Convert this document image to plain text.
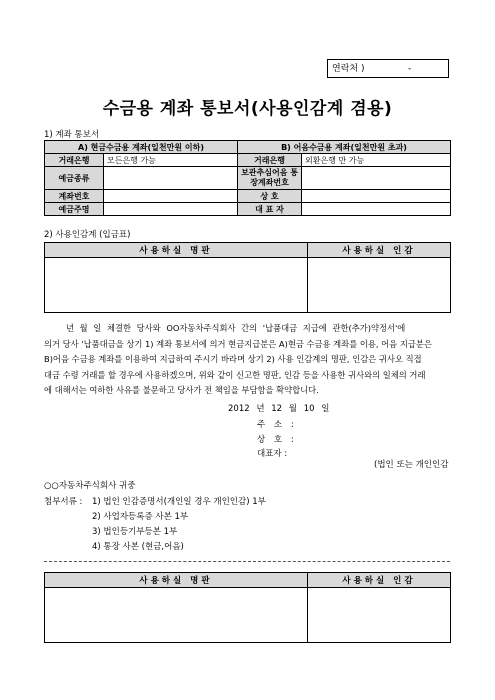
연락처 )	-
수금용 계좌 통보서(사용인감계 겸용)
1) 계좌 통보서
A) 현금수금용 계좌(일천만원 이하)		B) 어음수금용 계좌(일천만원 초과)	
거래은행	모든은행 가능	거래은행	외환은행 만 가능
예금종류		보관추심어음 통장계좌번호	
계좌번호		상 호	
예금주명		대 표 자	
2) 사용인감계 (입금표)
사용하실 명판	사용하실 인감

년 월 일 체결한 당사와 OO자동차주식회사 간의 '납품대금 지급에 관한(추가)약정서'에

의거 당사 '납품대금을 상기 1) 계좌 통보서에 의거 현금지급분은 A)현금 수금용 계좌를 이용, 어음 지급분은

B)어음 수금용 계좌를 이용하여 지급하여 주시기 바라며 상기 2) 사용 인감계의 명판, 인감은 귀사오 직접

대금 수령 거래를 할 경우에 사용하겠으며, 위와 같이 신고한 명판, 인감 등을 사용한 귀사와의 일체의 거래

에 대해서는 여하한 사유를 불문하고 당사가 전 책임을 부담함을 확약합니다.

2012 년 12 월 10 일
주 소 :
상 호 :
대표자 :
(법인 또는 개인인감
○○자동차주식회사 귀중
첨부서류 : 1) 법인 인감증명서(개인일 경우 개인인감) 1부
2) 사업자등록증 사본 1부
3) 법인등기부등본 1부
4) 통장 사본 (현금,어음)
사용하실 명판	사용하실 인감
